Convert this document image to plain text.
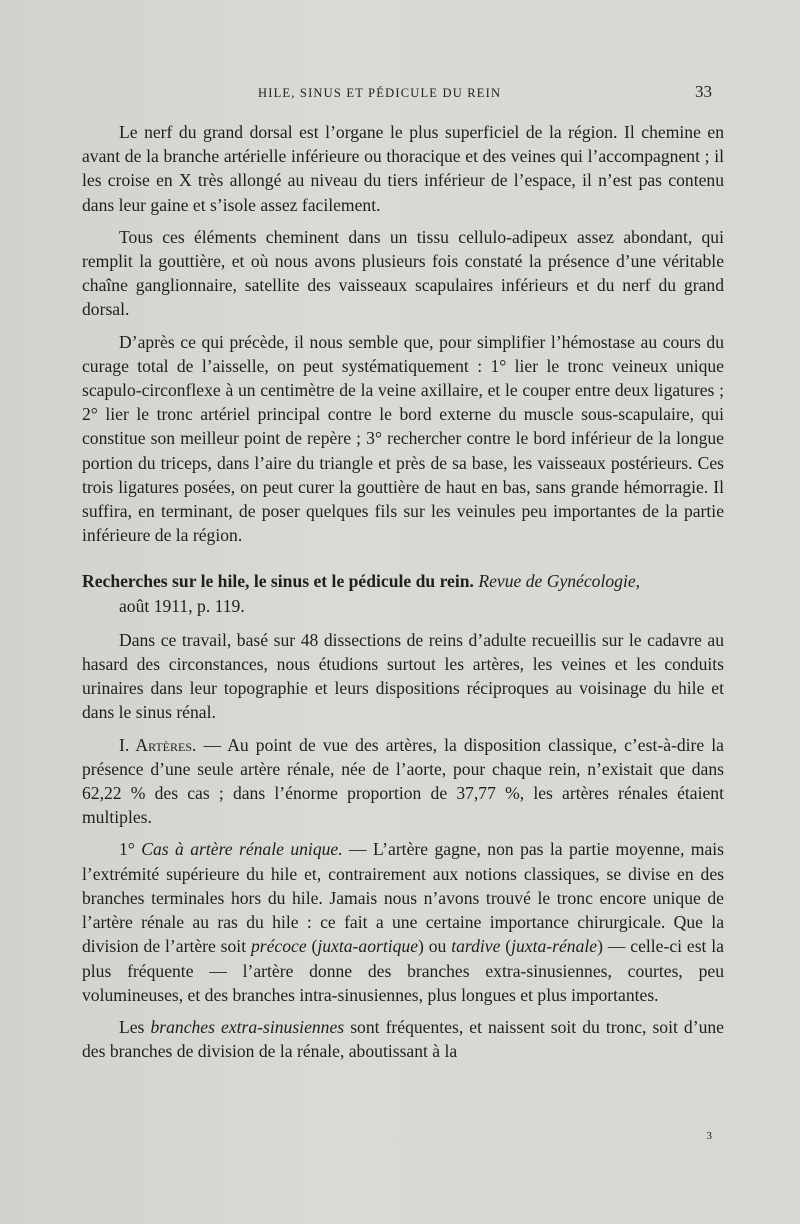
HILE, SINUS ET PÉDICULE DU REIN	33

Le nerf du grand dorsal est l’organe le plus superficiel de la région. Il chemine en avant de la branche artérielle inférieure ou thoracique et des veines qui l’accompagnent ; il les croise en X très allongé au niveau du tiers inférieur de l’espace, il n’est pas contenu dans leur gaine et s’isole assez facilement.

Tous ces éléments cheminent dans un tissu cellulo-adipeux assez abondant, qui remplit la gouttière, et où nous avons plusieurs fois constaté la présence d’une véritable chaîne ganglionnaire, satellite des vaisseaux scapulaires inférieurs et du nerf du grand dorsal.

D’après ce qui précède, il nous semble que, pour simplifier l’hémostase au cours du curage total de l’aisselle, on peut systématiquement : 1° lier le tronc veineux unique scapulo-circonflexe à un centimètre de la veine axillaire, et le couper entre deux ligatures ; 2° lier le tronc artériel principal contre le bord externe du muscle sous-scapulaire, qui constitue son meilleur point de repère ; 3° rechercher contre le bord inférieur de la longue portion du triceps, dans l’aire du triangle et près de sa base, les vaisseaux postérieurs. Ces trois ligatures posées, on peut curer la gouttière de haut en bas, sans grande hémorragie. Il suffira, en terminant, de poser quelques fils sur les veinules peu importantes de la partie inférieure de la région.

Recherches sur le hile, le sinus et le pédicule du rein. Revue de Gynécologie,
août 1911, p. 119.

Dans ce travail, basé sur 48 dissections de reins d’adulte recueillis sur le cadavre au hasard des circonstances, nous étudions surtout les artères, les veines et les conduits urinaires dans leur topographie et leurs dispositions réciproques au voisinage du hile et dans le sinus rénal.

I. Artères. — Au point de vue des artères, la disposition classique, c’est-à-dire la présence d’une seule artère rénale, née de l’aorte, pour chaque rein, n’existait que dans 62,22 % des cas ; dans l’énorme proportion de 37,77 %, les artères rénales étaient multiples.

1° Cas à artère rénale unique. — L’artère gagne, non pas la partie moyenne, mais l’extrémité supérieure du hile et, contrairement aux notions classiques, se divise en des branches terminales hors du hile. Jamais nous n’avons trouvé le tronc encore unique de l’artère rénale au ras du hile : ce fait a une certaine importance chirurgicale. Que la division de l’artère soit précoce (juxta-aortique) ou tardive (juxta-rénale) — celle-ci est la plus fréquente — l’artère donne des branches extra-sinusiennes, courtes, peu volumineuses, et des branches intra-sinusiennes, plus longues et plus importantes.

Les branches extra-sinusiennes sont fréquentes, et naissent soit du tronc, soit d’une des branches de division de la rénale, aboutissant à la

3
